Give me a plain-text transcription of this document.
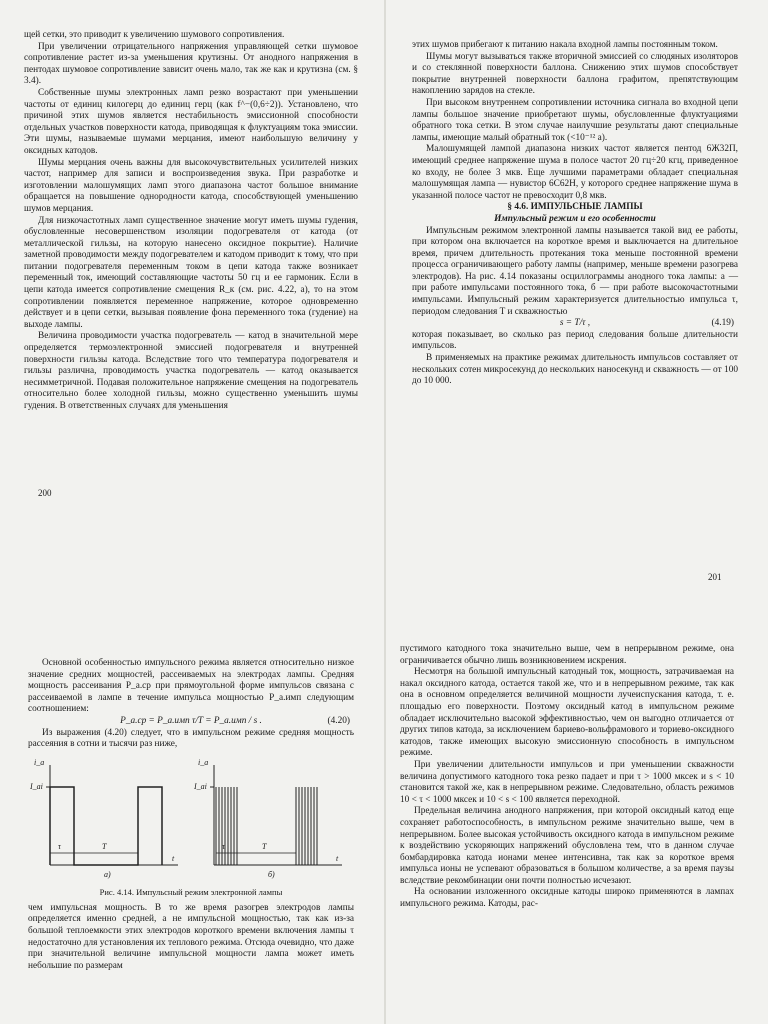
щей сетки, это приводит к увеличению шумового сопротивления.

При увеличении отрицательного напряжения управляющей сетки шумовое сопротивление растет из-за уменьшения крутизны. От анодного напряжения в пентодах шумовое сопротивление зависит очень мало, так же как и крутизна (см. § 3.4).

Собственные шумы электронных ламп резко возрастают при уменьшении частоты от единиц килогерц до единиц герц (как f^−(0,6÷2)). Установлено, что причиной этих шумов является нестабильность эмиссионной способности отдельных участков поверхности катода, приводящая к флуктуациям тока эмиссии. Эти шумы, называемые шумами мерцания, имеют наибольшую величину у оксидных катодов.

Шумы мерцания очень важны для высокочувствительных усилителей низких частот, например для записи и воспроизведения звука. При разработке и изготовлении малошумящих ламп этого диапазона частот большое внимание обращается на повышение однородности катода, способствующей уменьшению шумов мерцания.

Для низкочастотных ламп существенное значение могут иметь шумы гудения, обусловленные несовершенством изоляции подогревателя от катода (от металлической гильзы, на которую нанесено оксидное покрытие). Наличие заметной проводимости между подогревателем и катодом приводит к тому, что при питании подогревателя переменным током в цепи катода также возникает переменный ток, имеющий составляющие частоты 50 гц и ее гармоник. Если в цепи катода имеется сопротивление смещения R_к (см. рис. 4.22, а), то на этом сопротивлении появляется переменное напряжение, которое одновременно действует и в цепи сетки, вызывая появление фона переменного тока (гудение) на выходе лампы.

Величина проводимости участка подогреватель — катод в значительной мере определяется термоэлектронной эмиссией подогревателя и внутренней поверхности гильзы катода. Вследствие того что температура подогревателя и гильзы различна, проводимость участка подогреватель — катод оказывается несимметричной. Подавая положительное напряжение смещения на подогреватель относительно более холодной гильзы, можно существенно уменьшить шумы гудения. В ответственных случаях для уменьшения

200

этих шумов прибегают к питанию накала входной лампы постоянным током.

Шумы могут вызываться также вторичной эмиссией со слюдяных изоляторов и со стеклянной поверхности баллона. Снижению этих шумов способствует покрытие внутренней поверхности баллона графитом, препятствующим накоплению зарядов на стекле.

При высоком внутреннем сопротивлении источника сигнала во входной цепи лампы большое значение приобретают шумы, обусловленные флуктуациями обратного тока сетки. В этом случае наилучшие результаты дают специальные лампы, имеющие малый обратный ток (<10⁻¹² а).

Малошумящей лампой диапазона низких частот является пентод 6Ж32П, имеющий среднее напряжение шума в полосе частот 20 гц÷20 кгц, приведенное ко входу, не более 3 мкв. Еще лучшими параметрами обладает специальная малошумящая лампа — нувистор 6С62Н, у которого среднее напряжение шума в указанной полосе частот не превосходит 0,8 мкв.

§ 4.6. ИМПУЛЬСНЫЕ ЛАМПЫ

Импульсный режим и его особенности

Импульсным режимом электронной лампы называется такой вид ее работы, при котором она включается на короткое время и выключается на длительное время, причем длительность протекания тока меньше постоянной времени процесса ограничивающего работу лампы (например, меньше времени разогрева электродов). На рис. 4.14 показаны осциллограммы анодного тока лампы: а — при работе импульсами постоянного тока, б — при работе высокочастотными импульсами. Импульсный режим характеризуется длительностью импульса τ, периодом следования T и скважностью

s = T/τ ,	(4.19)

которая показывает, во сколько раз период следования больше длительности импульсов.

В применяемых на практике режимах длительность импульсов составляет от нескольких сотен микросекунд до нескольких наносекунд и скважность — от 100 до 10 000.

201

Основной особенностью импульсного режима является относительно низкое значение средних мощностей, рассеиваемых на электродах лампы. Средняя мощность рассеивания P_а.ср при прямоугольной форме импульсов связана с рассеиваемой в лампе в течение импульса мощностью P_а.имп следующим соотношением:

P_а.ср = P_а.имп τ/T = P_а.имп / s .	(4.20)

Из выражения (4.20) следует, что в импульсном режиме средняя мощность рассеяния в сотни и тысячи раз ниже,

i_а
I_аi
τ	T
t
а)
i_а
I_аi
τ	T
t
б)
Рис. 4.14. Импульсный режим электронной лампы

чем импульсная мощность. В то же время разогрев электродов лампы определяется именно средней, а не импульсной мощностью, так как из-за большой теплоемкости этих электродов короткого времени включения лампы τ недостаточно для установления их теплового режима. Отсюда очевидно, что даже при значительной величине импульсной мощности лампа может иметь небольшие по размерам

пустимого катодного тока значительно выше, чем в непрерывном режиме, она ограничивается обычно лишь возникновением искрения.

Несмотря на большой импульсный катодный ток, мощность, затрачиваемая на накал оксидного катода, остается такой же, что и в непрерывном режиме, так как она в основном определяется величиной мощности лучеиспускания катода, т. е. площадью его поверхности. Поэтому оксидный катод в импульсном режиме обладает исключительно высокой эффективностью, чем он выгодно отличается от других типов катода, за исключением бариево-вольфрамового и ториево-оксидного катодов, также имеющих высокую эмиссионную способность в импульсном режиме.

При увеличении длительности импульсов и при уменьшении скважности величина допустимого катодного тока резко падает и при τ > 1000 мксек и s < 10 становится такой же, как в непрерывном режиме. Следовательно, область режимов 10 < τ < 1000 мксек и 10 < s < 100 является переходной.

Предельная величина анодного напряжения, при которой оксидный катод еще сохраняет работоспособность, в импульсном режиме значительно выше, чем в непрерывном. Более высокая устойчивость оксидного катода в импульсном режиме к воздействию ускоряющих напряжений обусловлена тем, что в данном случае бомбардировка катода ионами менее интенсивна, так как за короткое время импульса ионы не успевают образоваться в большом количестве, а за время паузы вследствие рекомбинации они почти полностью исчезают.

На основании изложенного оксидные катоды широко применяются в лампах импульсного режима. Катоды, рас-
